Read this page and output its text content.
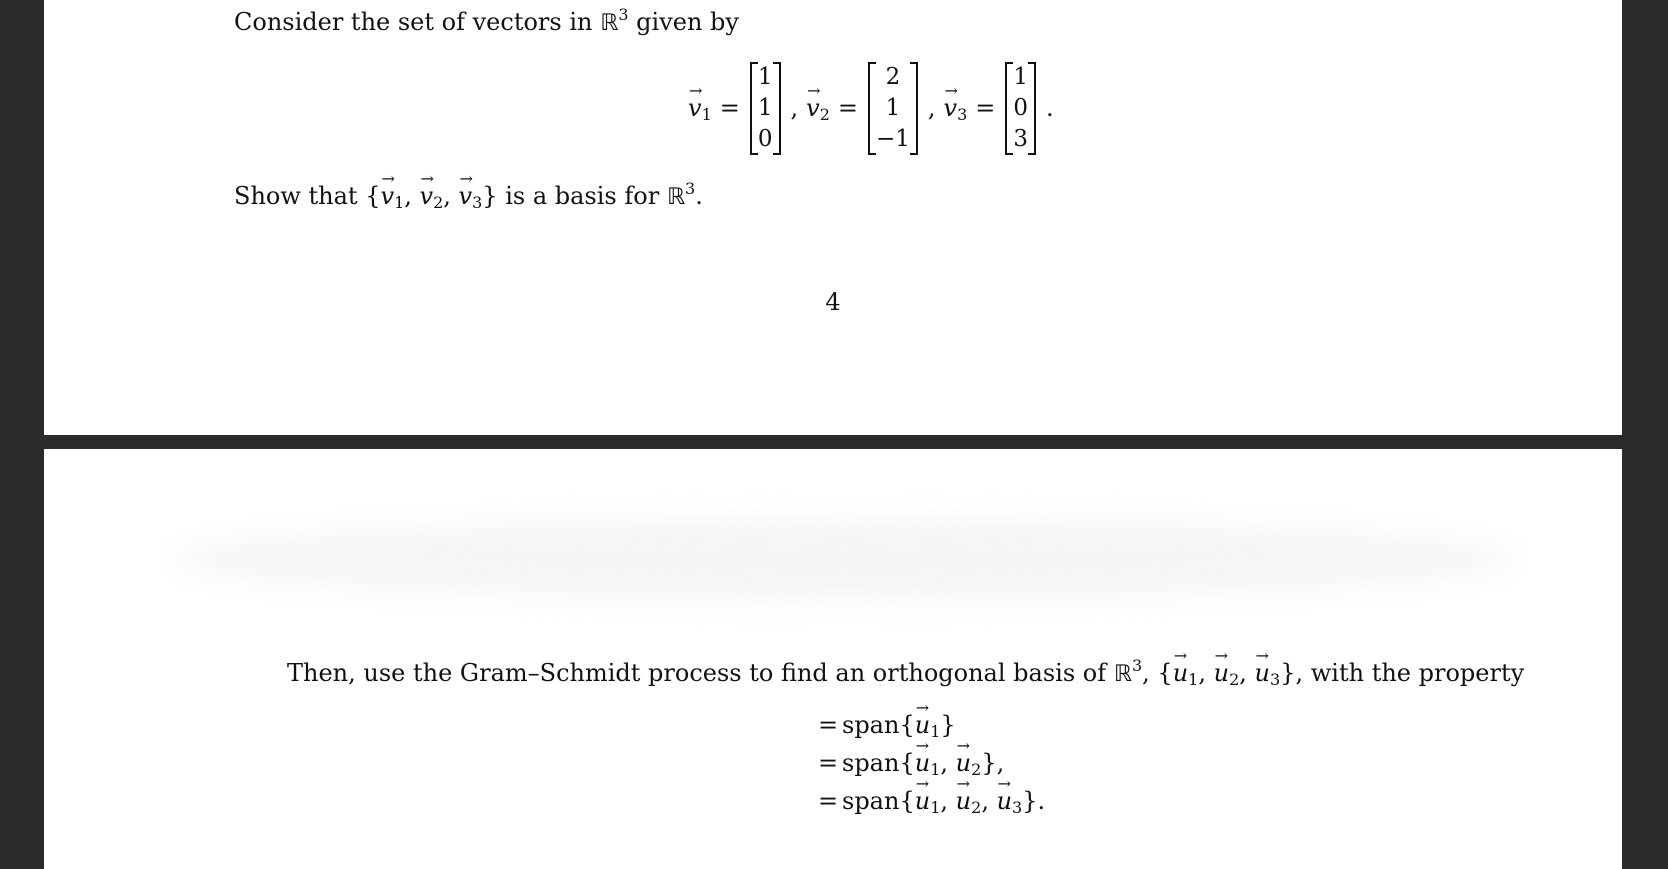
Consider the set of vectors in ℝ$^3$ given by
→ $v_1$ =
1
1
0
, → $v_2$ =
2
1
−1
, → $v_3$ =
1
0
3
.
Show that {→ $v_1$, → $v_2$, → $v_3$} is a basis for ℝ$^3$.
4
Then, use the Gram–Schmidt process to find an orthogonal basis of ℝ$^3$, {→ $u_1$, → $u_2$, → $u_3$}, with the property
= span{→ $u_1$}
= span{→ $u_1$, → $u_2$},
= span{→ $u_1$, → $u_2$, → $u_3$}.
